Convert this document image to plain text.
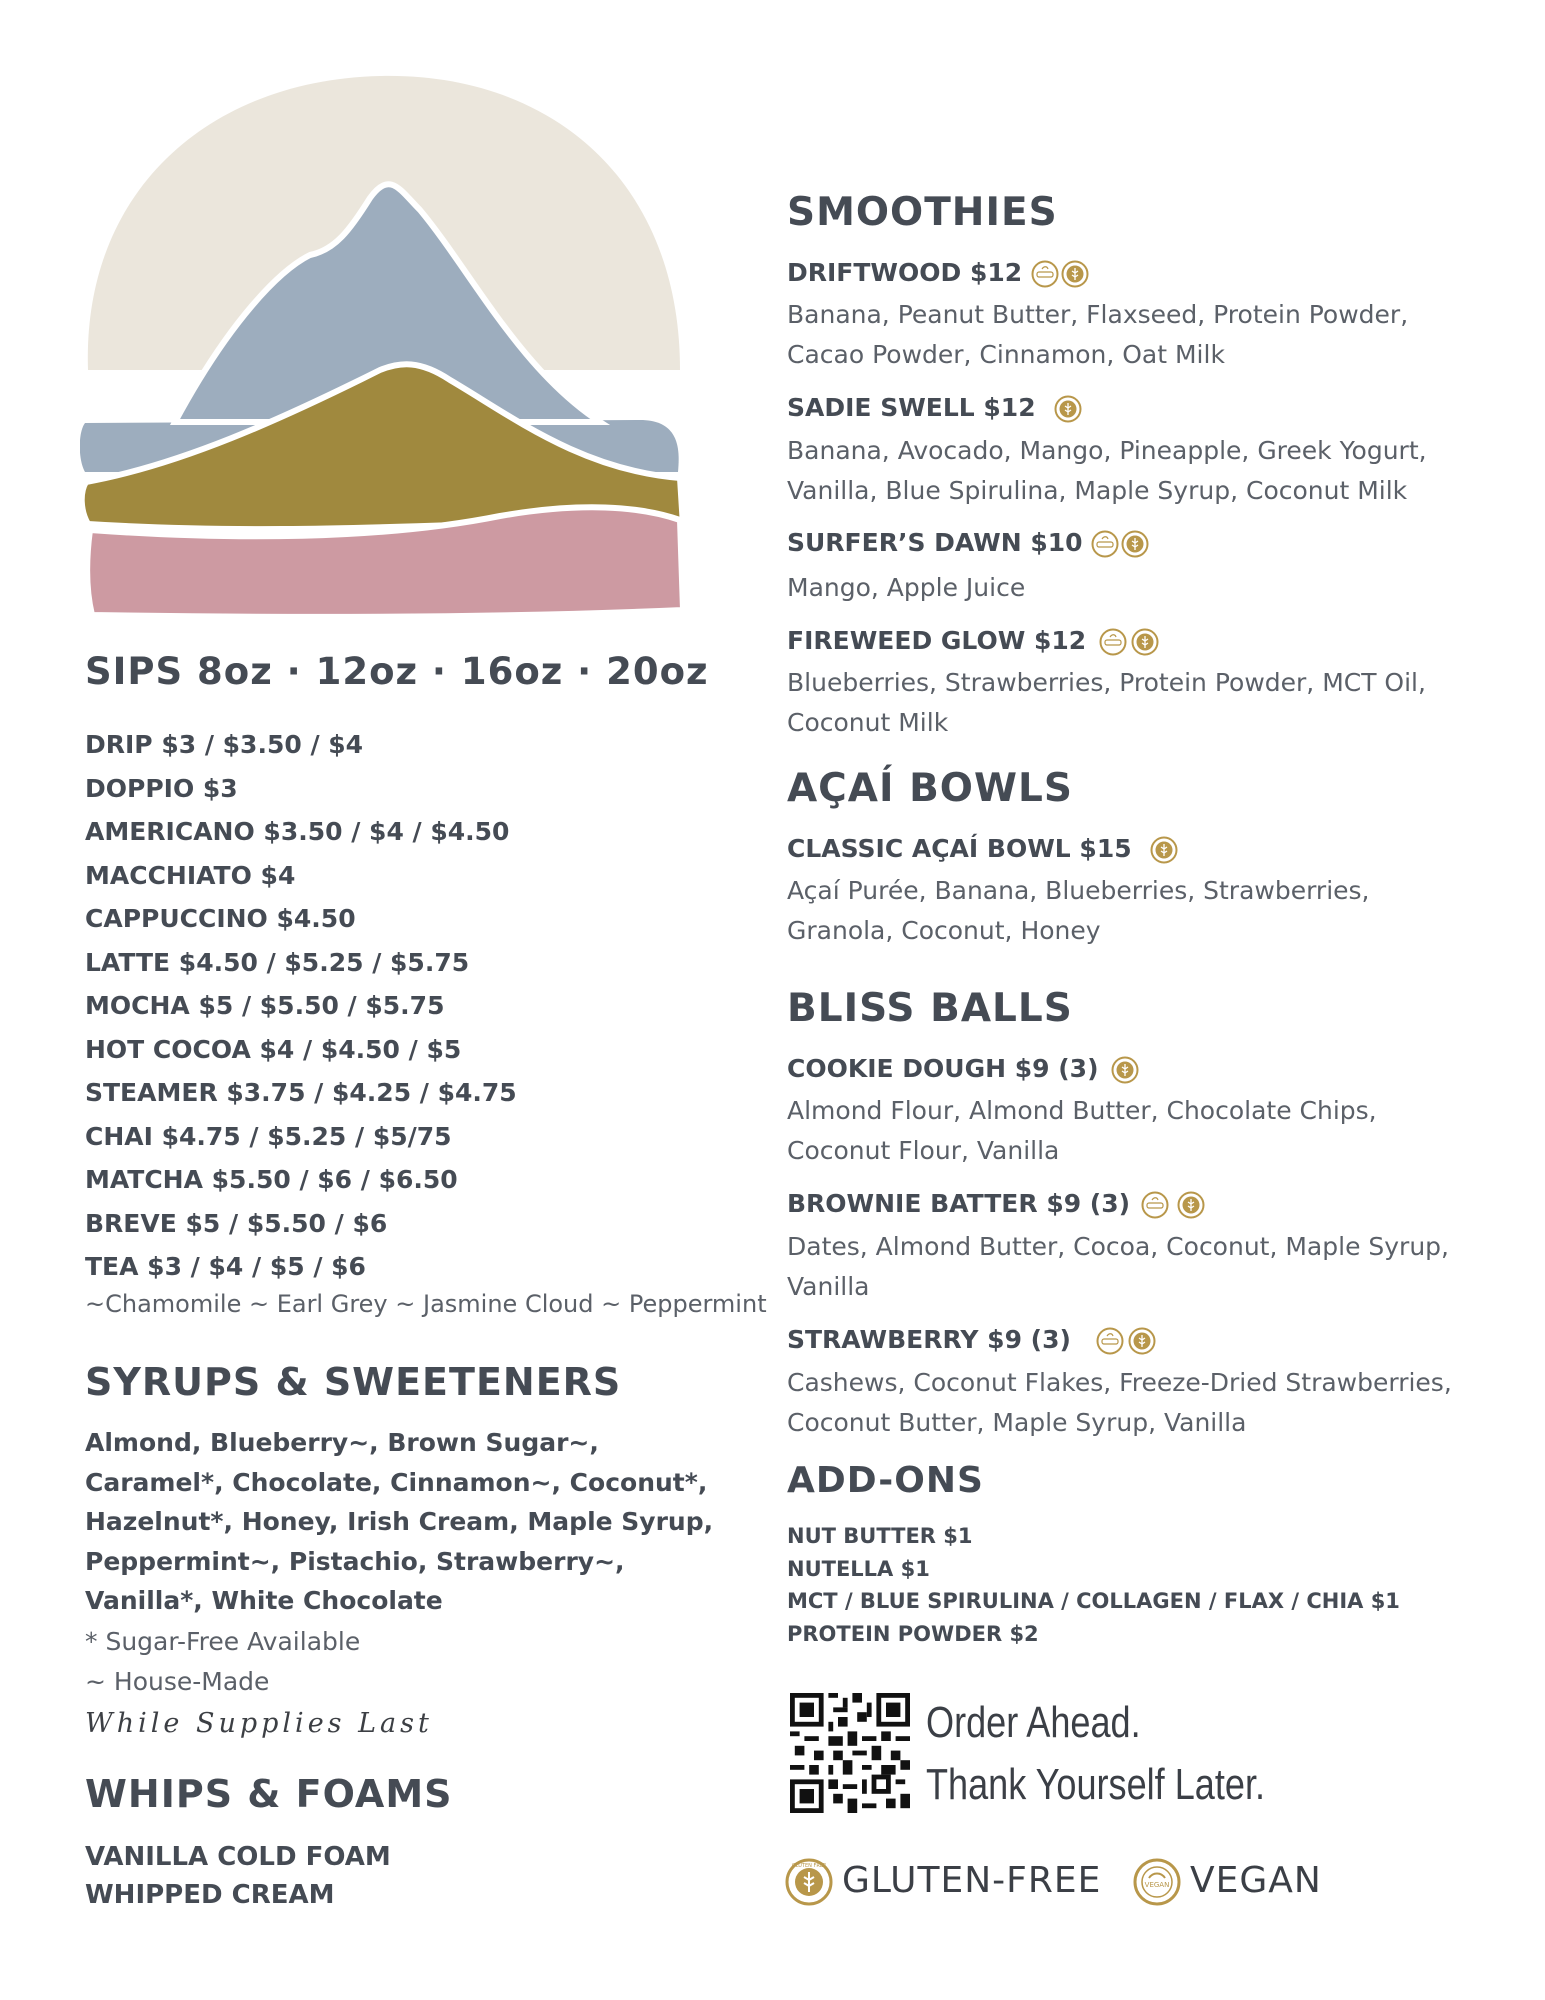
SIPS 8oz · 12oz · 16oz · 20oz
DRIP $3 / $3.50 / $4
DOPPIO $3
AMERICANO $3.50 / $4 / $4.50
MACCHIATO $4
CAPPUCCINO $4.50
LATTE $4.50 / $5.25 / $5.75
MOCHA $5 / $5.50 / $5.75
HOT COCOA $4 / $4.50 / $5
STEAMER $3.75 / $4.25 / $4.75
CHAI $4.75 / $5.25 / $5/75
MATCHA $5.50 / $6 / $6.50
BREVE $5 / $5.50 / $6
TEA $3 / $4 / $5 / $6
~Chamomile ~ Earl Grey ~ Jasmine Cloud ~ Peppermint
SYRUPS & SWEETENERS
Almond, Blueberry~, Brown Sugar~, Caramel*, Chocolate, Cinnamon~, Coconut*, Hazelnut*, Honey, Irish Cream, Maple Syrup, Peppermint~, Pistachio, Strawberry~, Vanilla*, White Chocolate
* Sugar-Free Available
~ House-Made
While Supplies Last
WHIPS & FOAMS
VANILLA COLD FOAM
WHIPPED CREAM
SMOOTHIES
DRIFTWOOD $12
Banana, Peanut Butter, Flaxseed, Protein Powder,
Cacao Powder, Cinnamon, Oat Milk
SADIE SWELL $12
Banana, Avocado, Mango, Pineapple, Greek Yogurt,
Vanilla, Blue Spirulina, Maple Syrup, Coconut Milk
SURFER’S DAWN $10
Mango, Apple Juice
FIREWEED GLOW $12
Blueberries, Strawberries, Protein Powder, MCT Oil,
Coconut Milk
AÇAÍ BOWLS
CLASSIC AÇAÍ BOWL $15
Açaí Purée, Banana, Blueberries, Strawberries,
Granola, Coconut, Honey
BLISS BALLS
COOKIE DOUGH $9 (3)
Almond Flour, Almond Butter, Chocolate Chips,
Coconut Flour, Vanilla
BROWNIE BATTER $9 (3)
Dates, Almond Butter, Cocoa, Coconut, Maple Syrup,
Vanilla
STRAWBERRY $9 (3)
Cashews, Coconut Flakes, Freeze-Dried Strawberries,
Coconut Butter, Maple Syrup, Vanilla
ADD-ONS
NUT BUTTER $1
NUTELLA $1
MCT / BLUE SPIRULINA / COLLAGEN / FLAX / CHIA $1
PROTEIN POWDER $2
Order Ahead.
Thank Yourself Later.
GLUTEN FREE GLUTEN-FREE	VEGAN VEGAN
